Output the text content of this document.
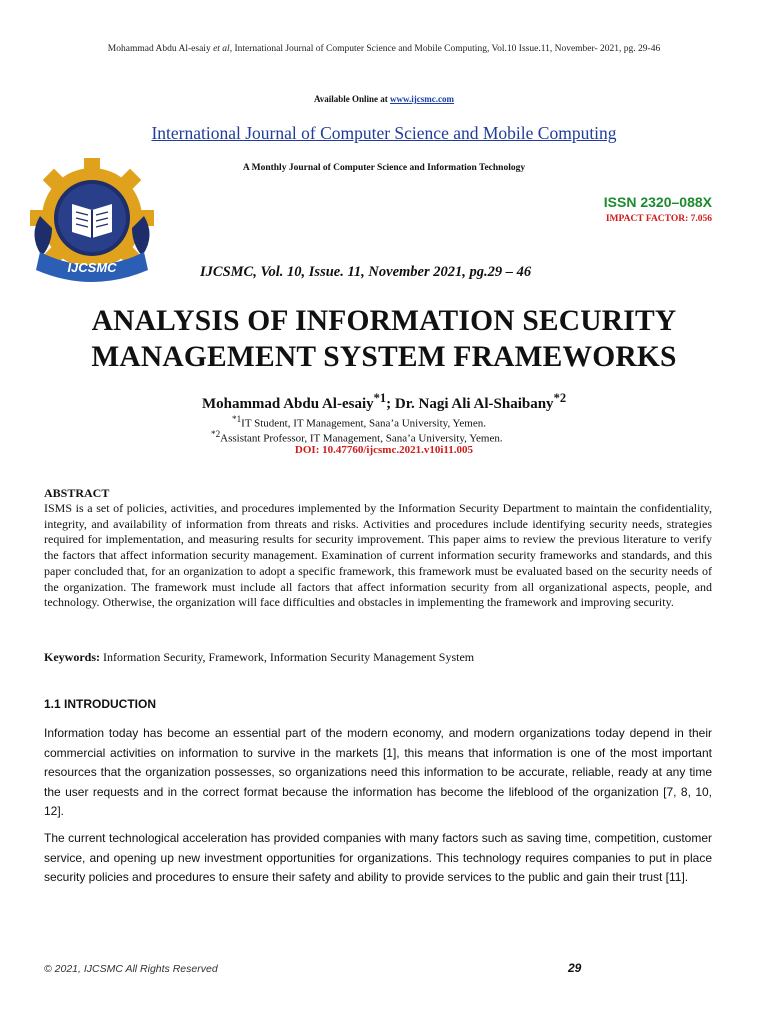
Mohammad Abdu Al-esaiy et al, International Journal of Computer Science and Mobile Computing, Vol.10 Issue.11, November- 2021, pg. 29-46
Available Online at www.ijcsmc.com
International Journal of Computer Science and Mobile Computing
A Monthly Journal of Computer Science and Information Technology
IJCSMC
ISSN 2320–088X
IMPACT FACTOR: 7.056
IJCSMC, Vol. 10, Issue. 11, November 2021, pg.29 – 46
ANALYSIS OF INFORMATION SECURITY
MANAGEMENT SYSTEM FRAMEWORKS
Mohammad Abdu Al-esaiy$^{*1}$; Dr. Nagi Ali Al-Shaibany$^{*2}$
$^{*1}$IT Student, IT Management, Sana’a University, Yemen.
$^{*2}$Assistant Professor, IT Management, Sana’a University, Yemen.
DOI: 10.47760/ijcsmc.2021.v10i11.005
ABSTRACT
ISMS is a set of policies, activities, and procedures implemented by the Information Security Department to maintain the confidentiality, integrity, and availability of information from threats and risks. Activities and procedures include identifying security needs, strategies required for implementation, and measuring results for security improvement. This paper aims to review the previous literature to verify the factors that affect information security management. Examination of current information security frameworks and standards, and this paper concluded that, for an organization to adopt a specific framework, this framework must be evaluated based on the security needs of the organization. The framework must include all factors that affect information security from all organizational aspects, people, and technology. Otherwise, the organization will face difficulties and obstacles in implementing the framework and improving security.
Keywords: Information Security, Framework, Information Security Management System
1.1 INTRODUCTION
Information today has become an essential part of the modern economy, and modern organizations today depend in their commercial activities on information to survive in the markets [1], this means that information is one of the most important resources that the organization possesses, so organizations need this information to be accurate, reliable, ready at any time the user requests and in the correct format because the information has become the lifeblood of the organization [7, 8, 10, 12].
The current technological acceleration has provided companies with many factors such as saving time, competition, customer service, and opening up new investment opportunities for organizations. This technology requires companies to put in place security policies and procedures to ensure their safety and ability to provide services to the public and gain their trust [11].
© 2021, IJCSMC All Rights Reserved	29
